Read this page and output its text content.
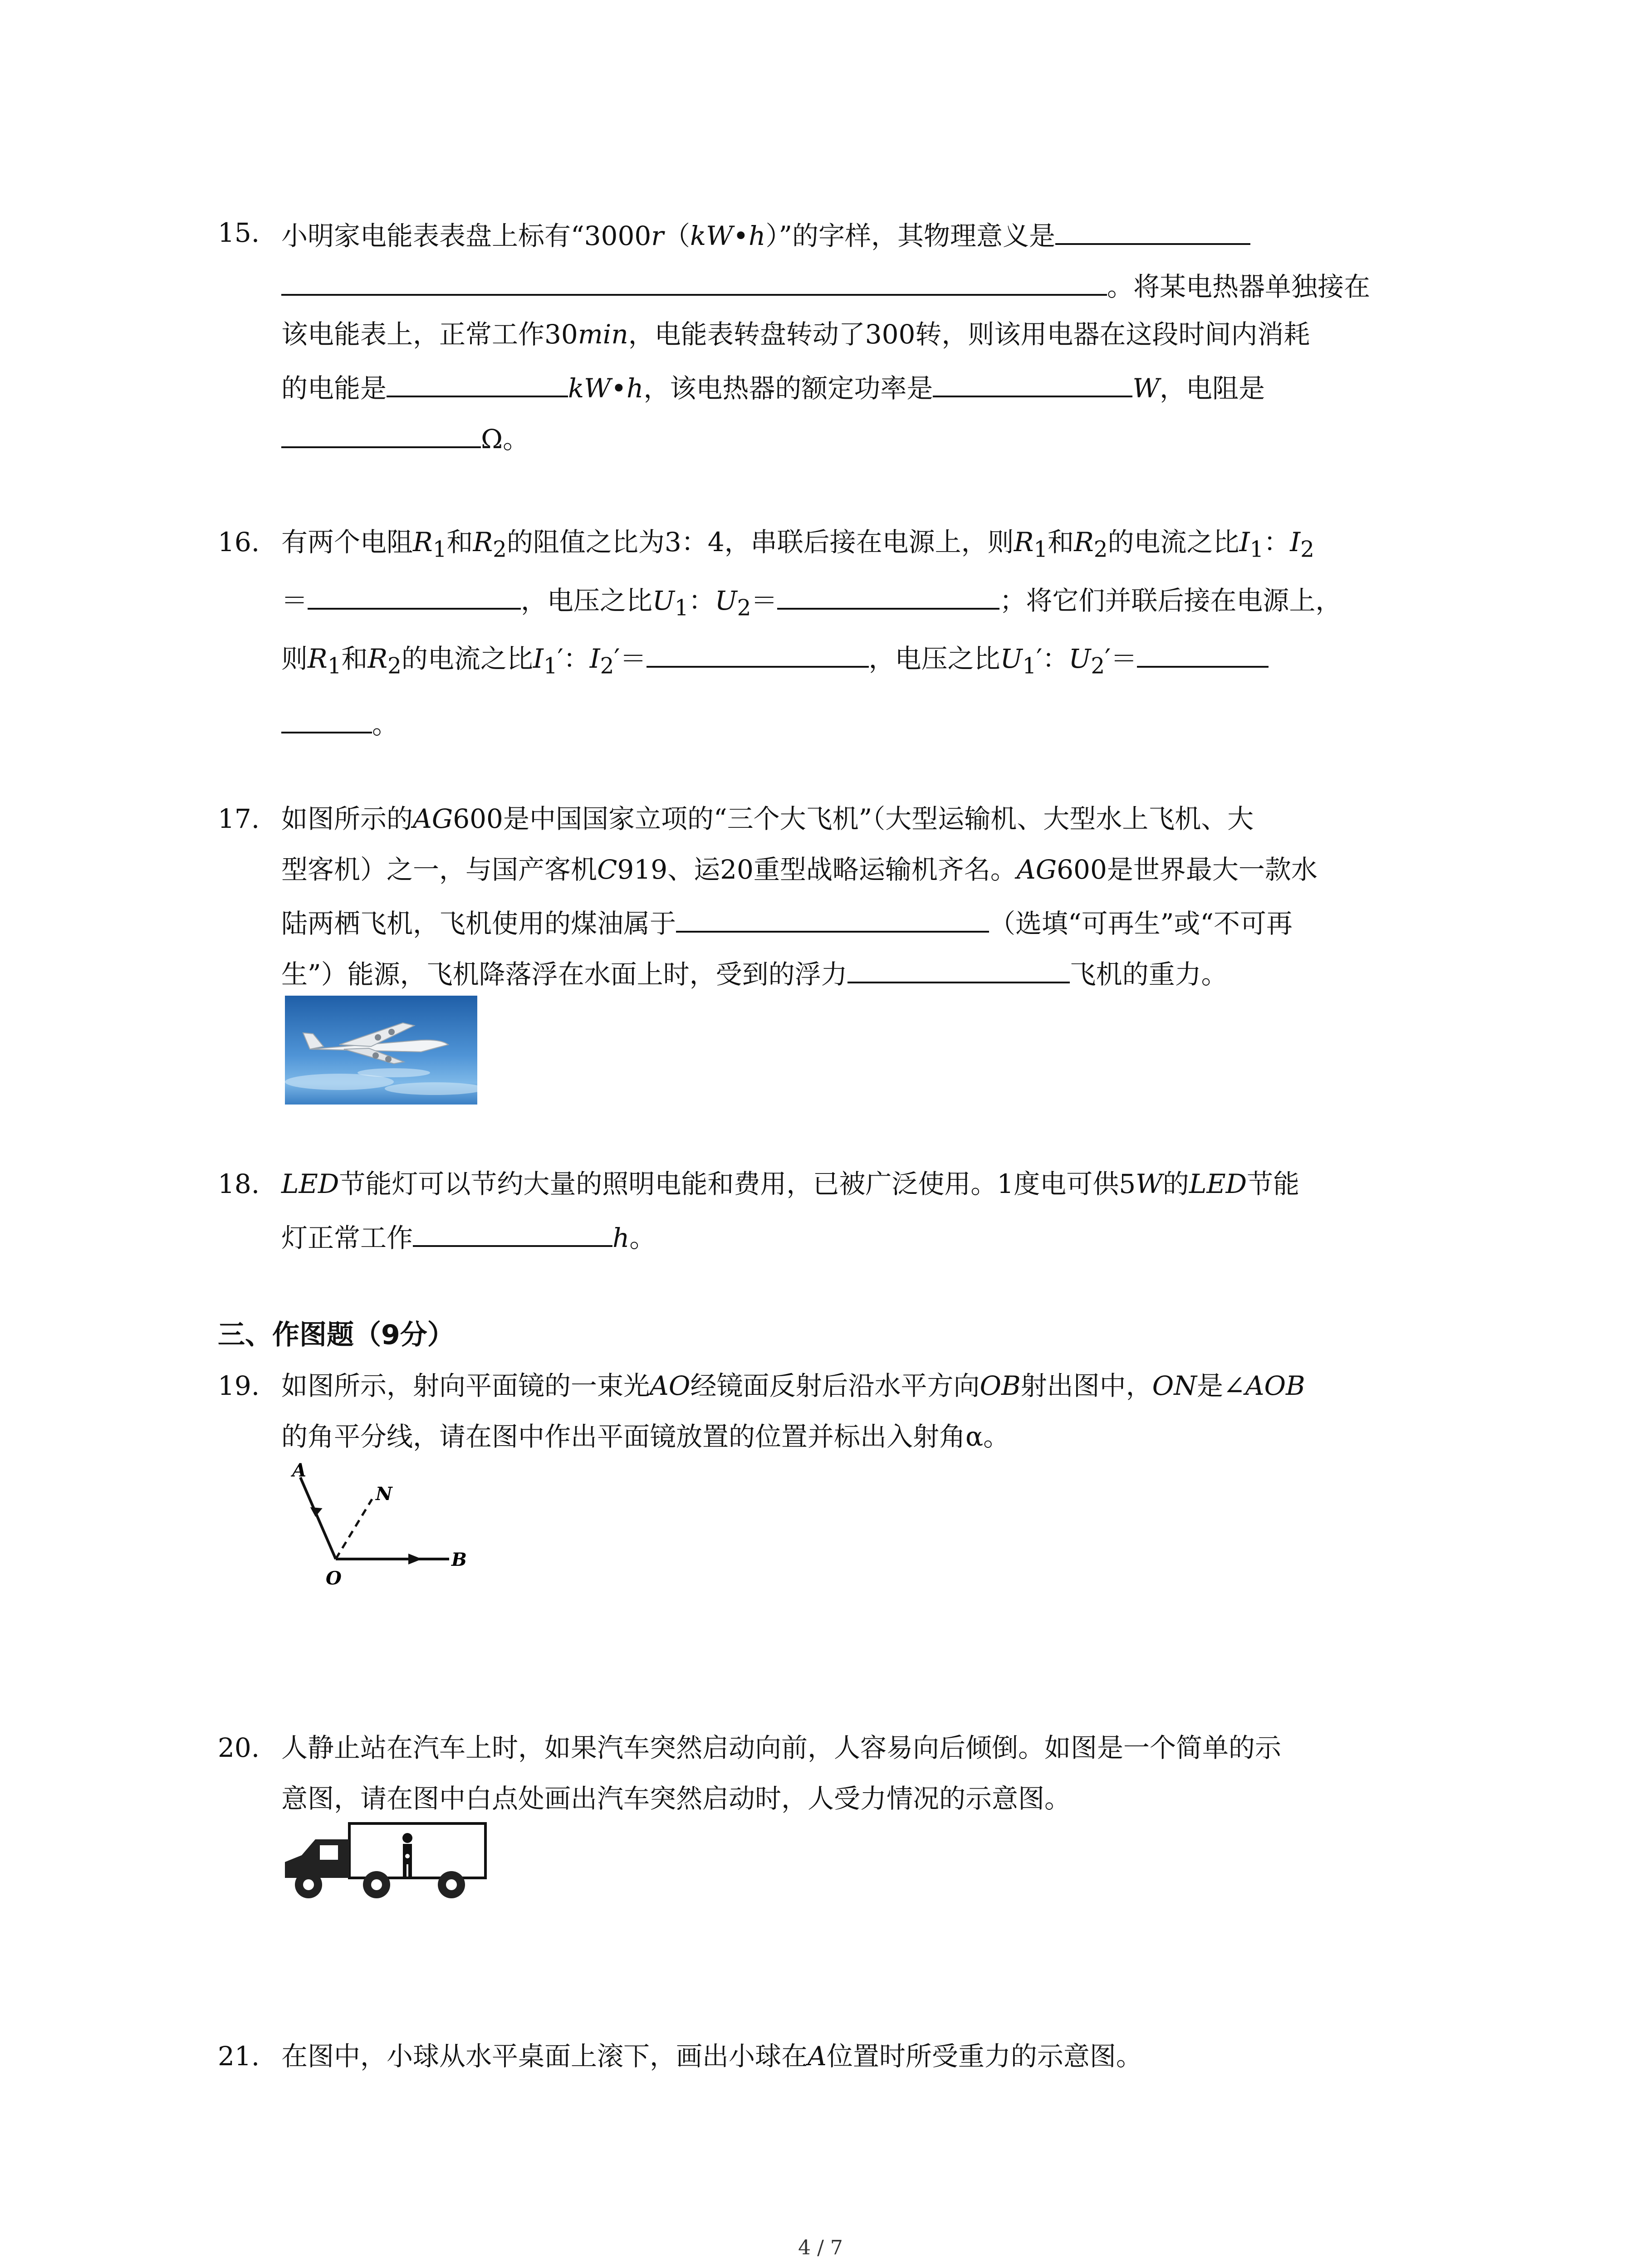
15. 小明家电能表表盘上标有“3000r（kW•h）”的字样，其物理意义是
。将某电热器单独接在
该电能表上，正常工作30min，电能表转盘转动了300转，则该用电器在这段时间内消耗
的电能是	kW•h，该电热器的额定功率是	W，电阻是
Ω。
16. 有两个电阻$R_1$和$R_2$的阻值之比为3：4，串联后接在电源上，则$R_1$和$R_2$的电流之比$I_1$：$I_2$
＝	，电压之比$U_1$：$U_2=$	；将它们并联后接在电源上，
则$R_1$和$R_2$的电流之比$I_1'$：$I_2'=$	，电压之比$U_1'$：$U_2'=$
。
17. 如图所示的AG600是中国国家立项的“三个大飞机”（大型运输机、大型水上飞机、大
型客机）之一，与国产客机C919、运20重型战略运输机齐名。AG600是世界最大一款水
陆两栖飞机，飞机使用的煤油属于	（选填“可再生”或“不可再
生”）能源，飞机降落浮在水面上时，受到的浮力	飞机的重力。
18. LED节能灯可以节约大量的照明电能和费用，已被广泛使用。1度电可供5W的LED节能
灯正常工作	h。
三、作图题（9分）
19. 如图所示，射向平面镜的一束光AO经镜面反射后沿水平方向OB射出图中，ON是∠AOB
的角平分线，请在图中作出平面镜放置的位置并标出入射角α。
A
N
O
B
20. 人静止站在汽车上时，如果汽车突然启动向前，人容易向后倾倒。如图是一个简单的示
意图，请在图中白点处画出汽车突然启动时，人受力情况的示意图。
21. 在图中，小球从水平桌面上滚下，画出小球在A位置时所受重力的示意图。
4 / 7
